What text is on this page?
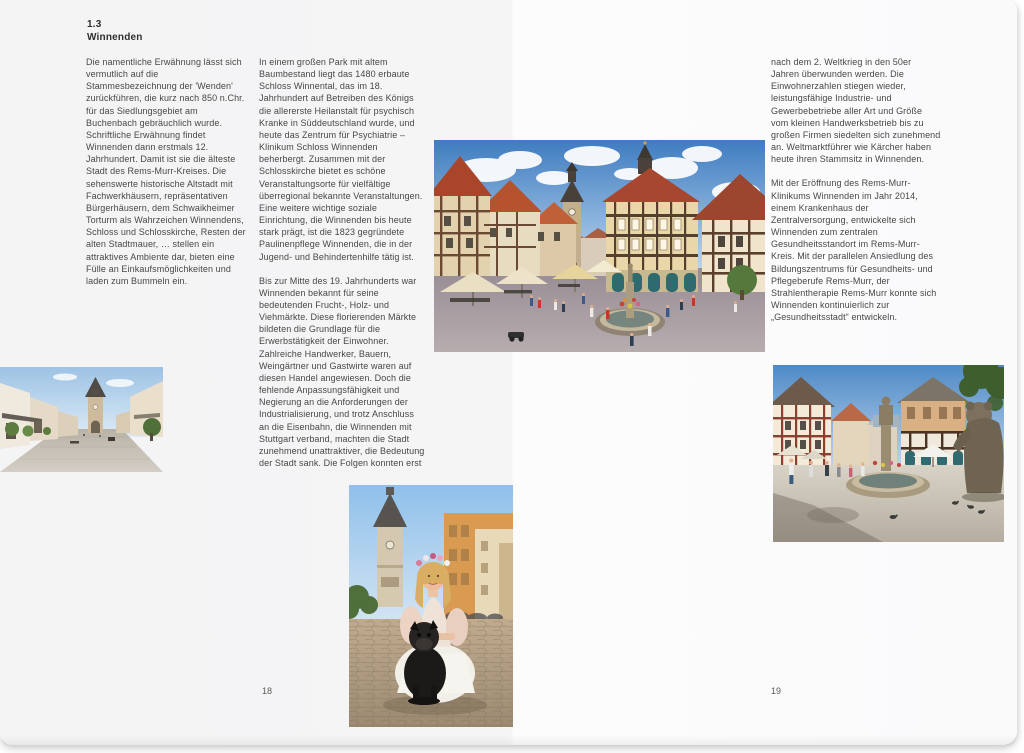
1.3
Winnenden

Die namentliche Erwähnung lässt sich vermutlich auf die Stammesbezeichnung der 'Wenden' zurückführen, die kurz nach 850 n.Chr. für das Siedlungsgebiet am Buchenbach gebräuchlich wurde. Schriftliche Erwähnung findet Winnenden dann erstmals 12. Jahrhundert. Damit ist sie die älteste Stadt des Rems-Murr-Kreises. Die sehenswerte historische Altstadt mit Fachwerkhäusern, repräsentativen Bürgerhäusern, dem Schwaikheimer Torturm als Wahrzeichen Winnendens, Schloss und Schlosskirche, Resten der alten Stadtmauer, … stellen ein attraktives Ambiente dar, bieten eine Fülle an Einkaufsmöglichkeiten und laden zum Bummeln ein.

In einem großen Park mit altem Baumbestand liegt das 1480 erbaute Schloss Winnental, das im 18. Jahrhundert auf Betreiben des Königs die allererste Heilanstalt für psychisch Kranke in Süddeutschland wurde, und heute das Zentrum für Psychiatrie – Klinikum Schloss Winnenden beherbergt. Zusammen mit der Schlosskirche bietet es schöne Veranstaltungsorte für vielfältige überregional bekannte Veranstaltungen. Eine weitere wichtige soziale Einrichtung, die Winnenden bis heute stark prägt, ist die 1823 gegründete Paulinenpflege Winnenden, die in der Jugend- und Behindertenhilfe tätig ist.

Bis zur Mitte des 19. Jahrhunderts war Winnenden bekannt für seine bedeutenden Frucht-, Holz- und Viehmärkte. Diese florierenden Märkte bildeten die Grundlage für die Erwerbstätigkeit der Einwohner. Zahlreiche Handwerker, Bauern, Weingärtner und Gastwirte waren auf diesen Handel angewiesen. Doch die fehlende Anpassungsfähigkeit und Negierung an die Anforderungen der Industrialisierung, und trotz Anschluss an die Eisenbahn, die Winnenden mit Stuttgart verband, machten die Stadt zunehmend unattraktiver, die Bedeutung der Stadt sank. Die Folgen konnten erst

nach dem 2. Weltkrieg in den 50er Jahren überwunden werden. Die Einwohnerzahlen stiegen wieder, leistungsfähige Industrie- und Gewerbebetriebe aller Art und Größe vom kleinen Handwerksbetrieb bis zu großen Firmen siedelten sich zunehmend an. Weltmarktführer wie Kärcher haben heute ihren Stammsitz in Winnenden.

Mit der Eröffnung des Rems-Murr-Klinikums Winnenden im Jahr 2014, einem Krankenhaus der Zentralversorgung, entwickelte sich Winnenden zum zentralen Gesundheitsstandort im Rems-Murr-Kreis. Mit der parallelen Ansiedlung des Bildungszentrums für Gesundheits- und Pflegeberufe Rems-Murr, der Strahlentherapie Rems-Murr konnte sich Winnenden kontinuierlich zur „Gesundheitsstadt“ entwickeln.

18	19
